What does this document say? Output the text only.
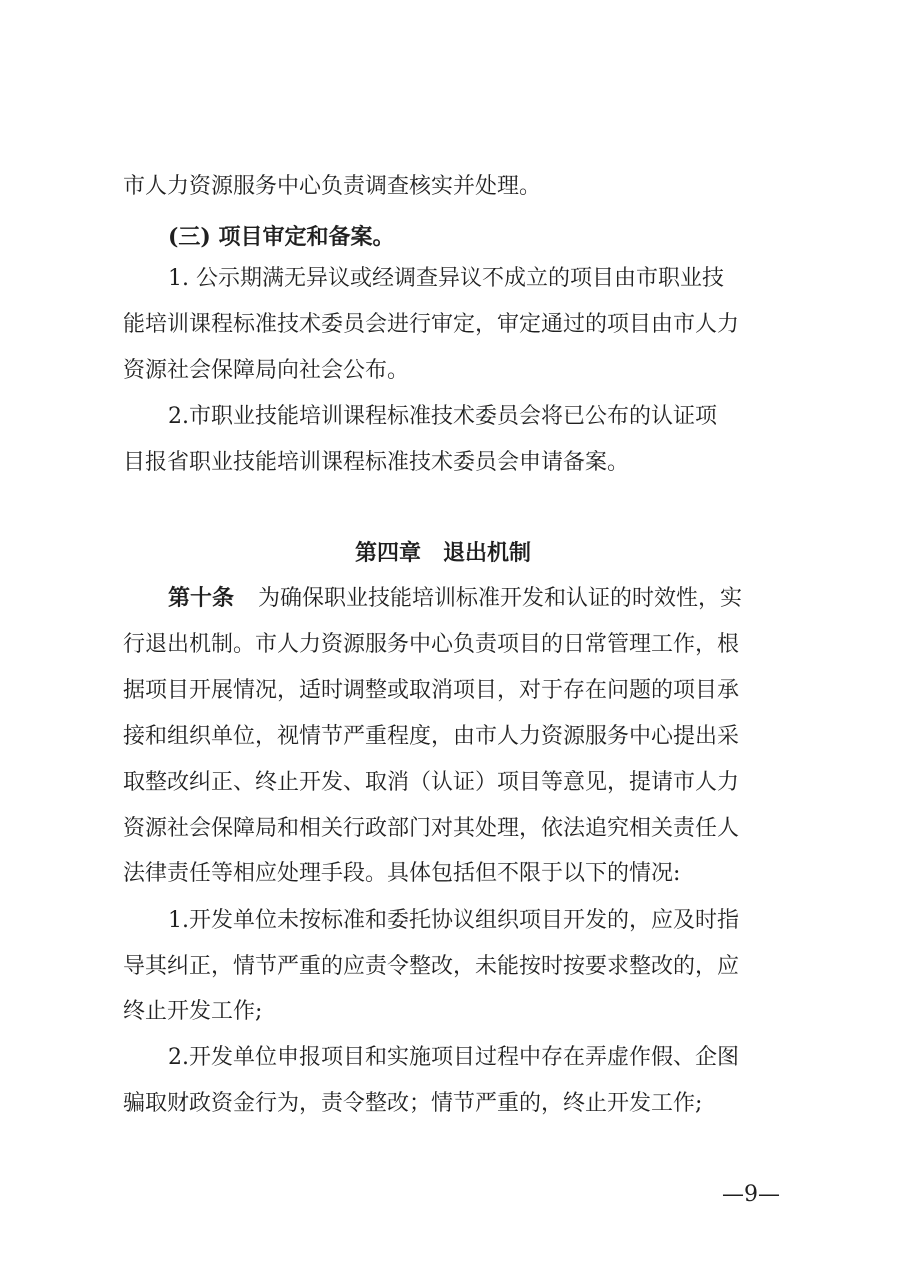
市人力资源服务中心负责调查核实并处理。

(三) 项目审定和备案。

1. 公示期满无异议或经调查异议不成立的项目由市职业技

能培训课程标准技术委员会进行审定，审定通过的项目由市人力

资源社会保障局向社会公布。

2.市职业技能培训课程标准技术委员会将已公布的认证项

目报省职业技能培训课程标准技术委员会申请备案。

第四章　退出机制

第十条 为确保职业技能培训标准开发和认证的时效性，实

行退出机制。市人力资源服务中心负责项目的日常管理工作，根

据项目开展情况，适时调整或取消项目，对于存在问题的项目承

接和组织单位，视情节严重程度，由市人力资源服务中心提出采

取整改纠正、终止开发、取消（认证）项目等意见，提请市人力

资源社会保障局和相关行政部门对其处理，依法追究相关责任人

法律责任等相应处理手段。具体包括但不限于以下的情况:

1.开发单位未按标准和委托协议组织项目开发的，应及时指

导其纠正，情节严重的应责令整改，未能按时按要求整改的，应

终止开发工作;

2.开发单位申报项目和实施项目过程中存在弄虚作假、企图

骗取财政资金行为，责令整改；情节严重的，终止开发工作;

—9—
